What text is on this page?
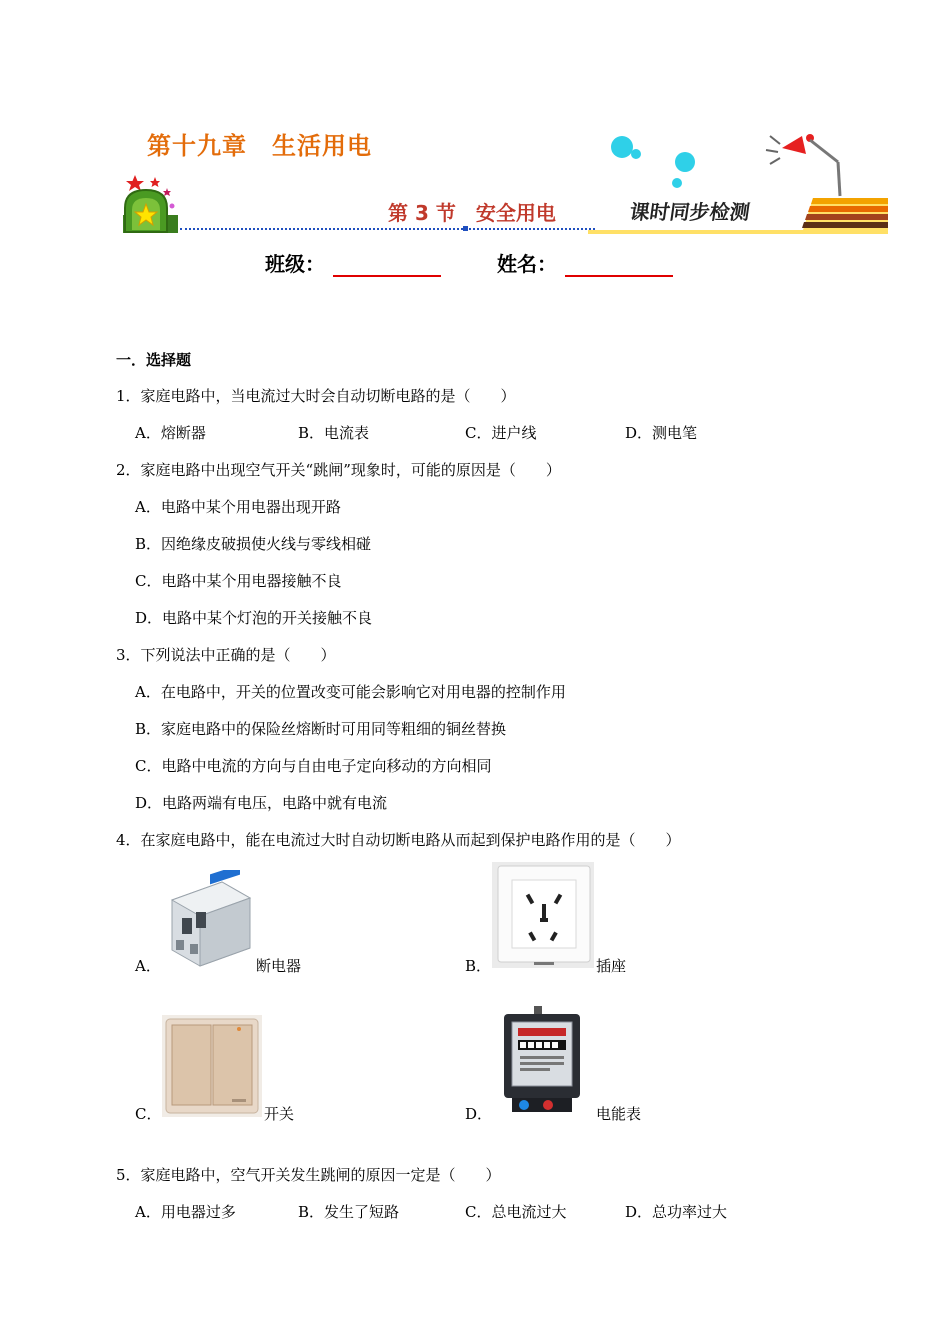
第十九章　生活用电
第 3 节　安全用电	课时同步检测
班级：	姓名：
一．选择题
1．家庭电路中，当电流过大时会自动切断电路的是（　　）
A．熔断器	B．电流表	C．进户线	D．测电笔
2．家庭电路中出现空气开关“跳闸”现象时，可能的原因是（　　）
A．电路中某个用电器出现开路
B．因绝缘皮破损使火线与零线相碰
C．电路中某个用电器接触不良
D．电路中某个灯泡的开关接触不良
3．下列说法中正确的是（　　）
A．在电路中，开关的位置改变可能会影响它对用电器的控制作用
B．家庭电路中的保险丝熔断时可用同等粗细的铜丝替换
C．电路中电流的方向与自由电子定向移动的方向相同
D．电路两端有电压，电路中就有电流
4．在家庭电路中，能在电流过大时自动切断电路从而起到保护电路作用的是（　　）
A．	断电器	B．	插座
C．	开关	D．	电能表
5．家庭电路中，空气开关发生跳闸的原因一定是（　　）
A．用电器过多	B．发生了短路	C．总电流过大	D．总功率过大
